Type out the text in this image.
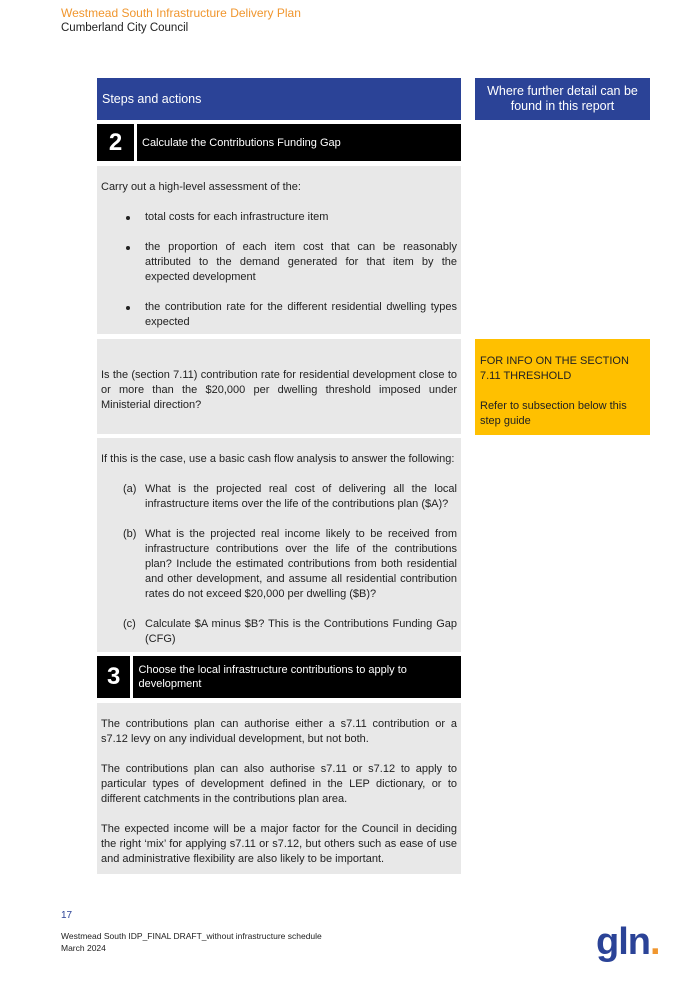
Westmead South Infrastructure Delivery Plan
Cumberland City Council
Steps and actions
Where further detail can be found in this report
2	Calculate the Contributions Funding Gap

Carry out a high-level assessment of the:

total costs for each infrastructure item
the proportion of each item cost that can be reasonably attributed to the demand generated for that item by the expected development
the contribution rate for the different residential dwelling types expected

Is the (section 7.11) contribution rate for residential development close to or more than the $20,000 per dwelling threshold imposed under Ministerial direction?

FOR INFO ON THE SECTION 7.11 THRESHOLD

Refer to subsection below this step guide

If this is the case, use a basic cash flow analysis to answer the following:

(a) What is the projected real cost of delivering all the local infrastructure items over the life of the contributions plan ($A)?
(b) What is the projected real income likely to be received from infrastructure contributions over the life of the contributions plan? Include the estimated contributions from both residential and other development, and assume all residential contribution rates do not exceed $20,000 per dwelling ($B)?
(c) Calculate $A minus $B? This is the Contributions Funding Gap (CFG)
3	Choose the local infrastructure contributions to apply to development

The contributions plan can authorise either a s7.11 contribution or a s7.12 levy on any individual development, but not both.

The contributions plan can also authorise s7.11 or s7.12 to apply to particular types of development defined in the LEP dictionary, or to different catchments in the contributions plan area.

The expected income will be a major factor for the Council in deciding the right ‘mix’ for applying s7.11 or s7.12, but others such as ease of use and administrative flexibility are also likely to be important.

17
Westmead South IDP_FINAL DRAFT_without infrastructure schedule
March 2024	gln.
